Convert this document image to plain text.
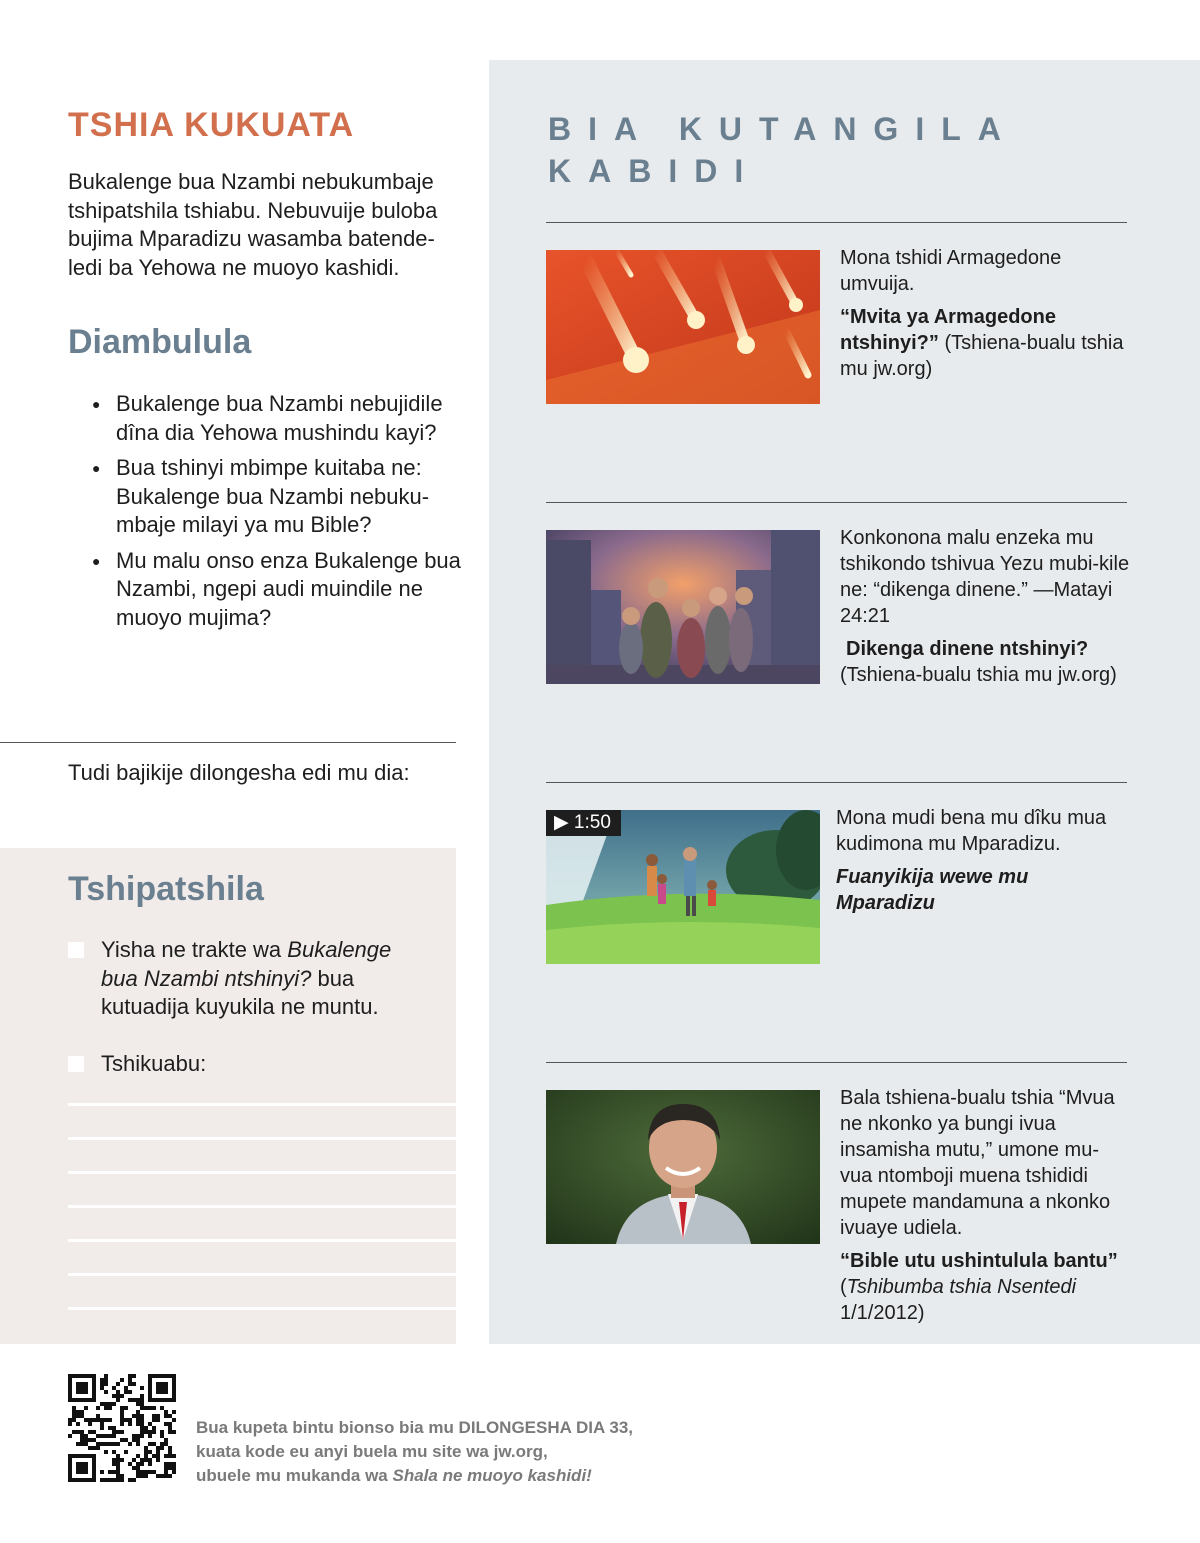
TSHIA KUKUATA

Bukalenge bua Nzambi nebukumbaje tshipatshila tshiabu. Nebuvuije buloba bujima Mparadizu wasamba batende-ledi ba Yehowa ne muoyo kashidi.

Diambulula
● Bukalenge bua Nzambi nebujidile dîna dia Yehowa mushindu kayi?
● Bua tshinyi mbimpe kuitaba ne: Bukalenge bua Nzambi nebuku-mbaje milayi ya mu Bible?
● Mu malu onso enza Bukalenge bua Nzambi, ngepi audi muindile ne muoyo mujima?

Tudi bajikije dilongesha edi mu dia:

Tshipatshila
Yisha ne trakte wa Bukalenge bua Nzambi ntshinyi? bua kutuadija kuyukila ne muntu.
Tshikuabu:
BIA KUTANGILA KABIDI

Mona tshidi Armagedone umvuija.

“Mvita ya Armagedone ntshinyi?” (Tshiena-bualu tshia mu jw.org)

Konkonona malu enzeka mu tshikondo tshivua Yezu mubi-kile ne: “dikenga dinene.” —Matayi 24:21

Dikenga dinene ntshinyi?

(Tshiena-bualu tshia mu jw.org)

▶ 1:50	Mona mudi bena mu dîku mua kudimona mu Mparadizu.

Fuanyikija wewe mu Mparadizu

Bala tshiena-bualu tshia “Mvua ne nkonko ya bungi ivua insamisha mutu,” umone mu-vua ntomboji muena tshididi mupete mandamuna a nkonko ivuaye udiela.

“Bible utu ushintulula bantu”

(Tshibumba tshia Nsentedi 1/1/2012)

Bua kupeta bintu bionso bia mu DILONGESHA DIA 33,
kuata kode eu anyi buela mu site wa jw.org,
ubuele mu mukanda wa Shala ne muoyo kashidi!
